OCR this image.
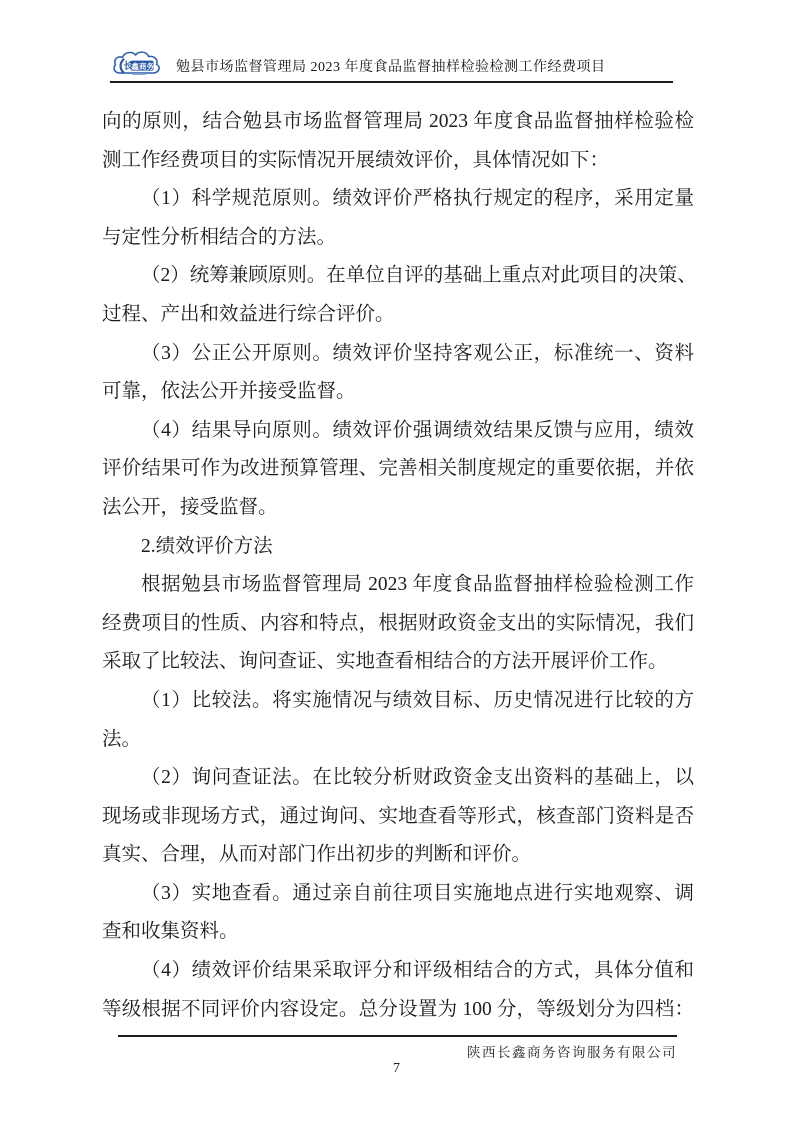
长
鑫商务 勉县市场监督管理局 2023 年度食品监督抽样检验检测工作经费项目
向的原则，结合勉县市场监督管理局 2023 年度食品监督抽样检验检
测工作经费项目的实际情况开展绩效评价，具体情况如下：
（1）科学规范原则。绩效评价严格执行规定的程序，采用定量
与定性分析相结合的方法。
（2）统筹兼顾原则。在单位自评的基础上重点对此项目的决策、
过程、产出和效益进行综合评价。
（3）公正公开原则。绩效评价坚持客观公正，标准统一、资料
可靠，依法公开并接受监督。
（4）结果导向原则。绩效评价强调绩效结果反馈与应用，绩效
评价结果可作为改进预算管理、完善相关制度规定的重要依据，并依
法公开，接受监督。
2.绩效评价方法
根据勉县市场监督管理局 2023 年度食品监督抽样检验检测工作
经费项目的性质、内容和特点，根据财政资金支出的实际情况，我们
采取了比较法、询问查证、实地查看相结合的方法开展评价工作。
（1）比较法。将实施情况与绩效目标、历史情况进行比较的方
法。
（2）询问查证法。在比较分析财政资金支出资料的基础上，以
现场或非现场方式，通过询问、实地查看等形式，核查部门资料是否
真实、合理，从而对部门作出初步的判断和评价。
（3）实地查看。通过亲自前往项目实施地点进行实地观察、调
查和收集资料。
（4）绩效评价结果采取评分和评级相结合的方式，具体分值和
等级根据不同评价内容设定。总分设置为 100 分，等级划分为四档：
陕西长鑫商务咨询服务有限公司
7
